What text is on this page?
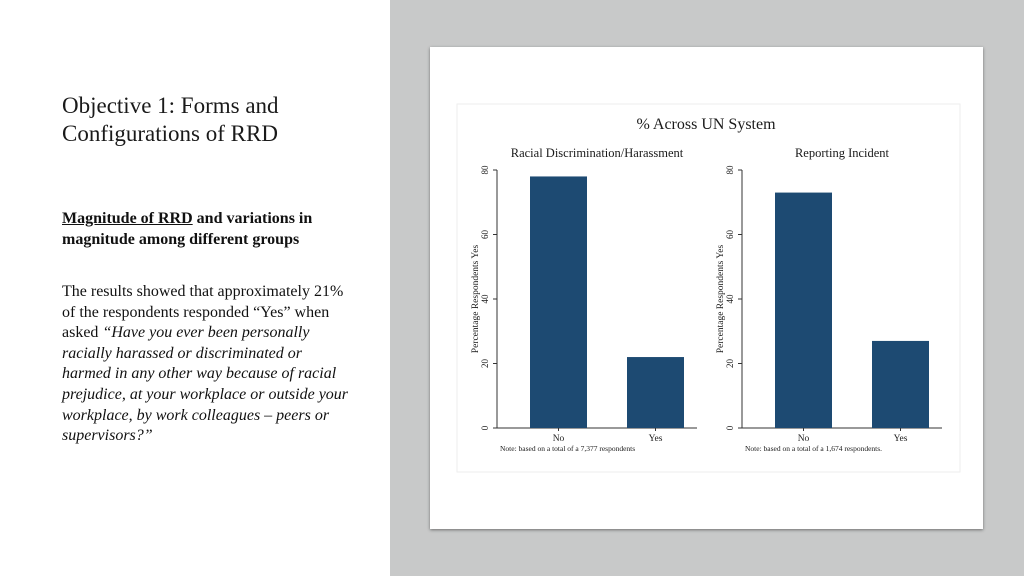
Objective 1: Forms and Configurations of RRD
Magnitude of RRD and variations in magnitude among different groups
The results showed that approximately 21% of the respondents responded “Yes” when asked “Have you ever been personally racially harassed or discriminated or harmed in any other way because of racial prejudice, at your workplace or outside your workplace, by work colleagues – peers or supervisors?”
% Across UN System
Racial Discrimination/Harassment
0
20
40
60
80
Percentage Respondents Yes
No	Yes
Note: based on a total of a 7,377 respondents
Reporting Incident
0
20
40
60
80
Percentage Respondents Yes
No	Yes
Note: based on a total of a 1,674 respondents.
